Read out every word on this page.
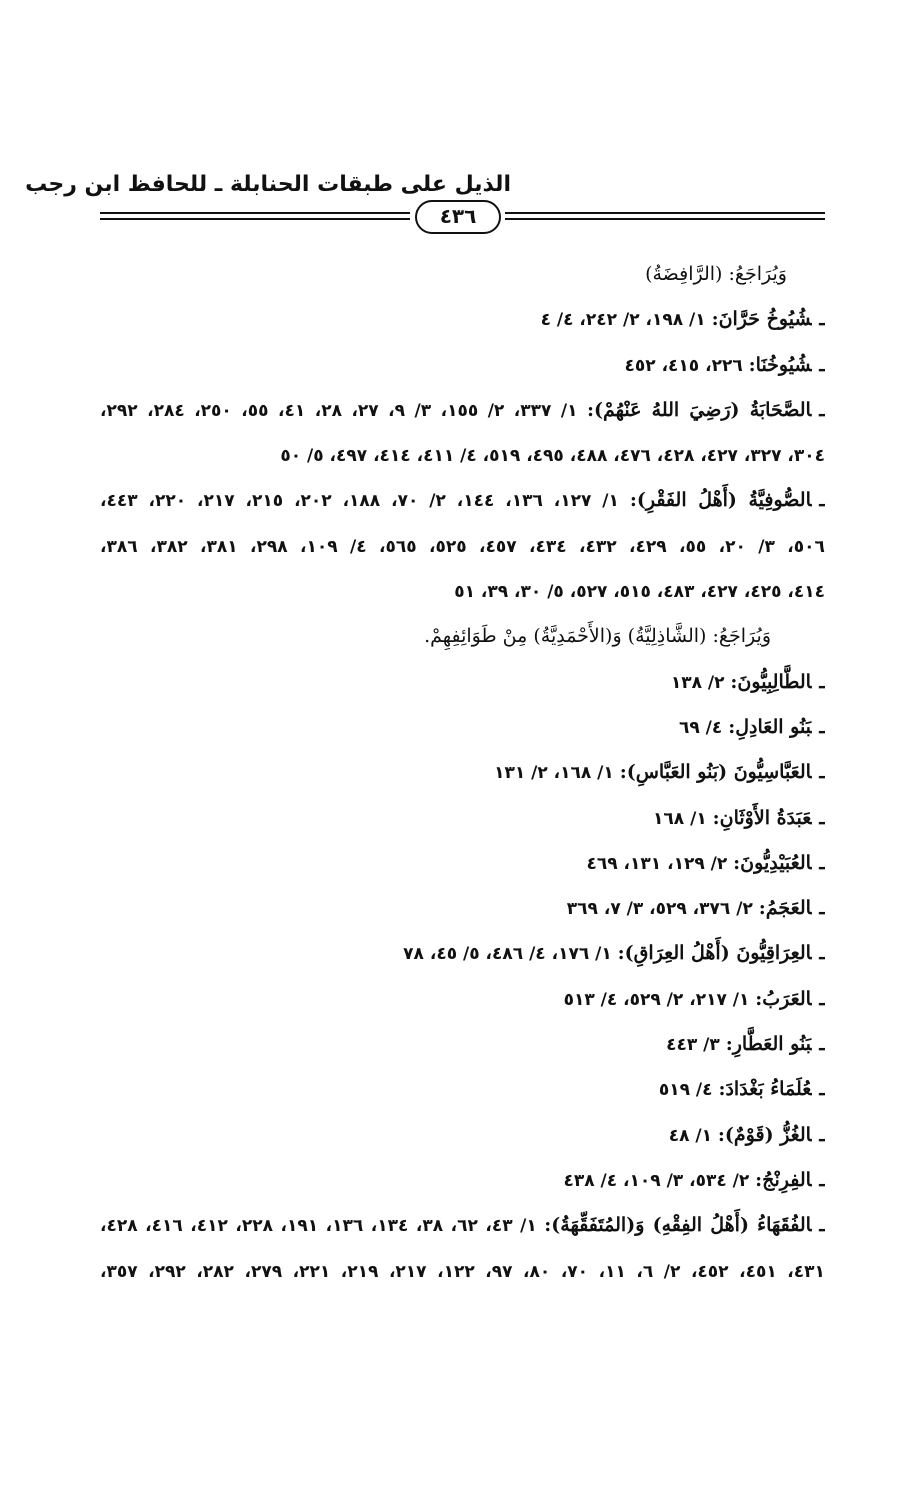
الذيل على طبقات الحنابلة ـ للحافظ ابن رجب
٤٣٦
وَيُرَاجَعُ: (الرَّافِضَةُ)
ـشُيُوخُ حَرَّانَ: ١/ ١٩٨، ٢/ ٢٤٢، ٤/ ٤
ـشُيُوخُنَا: ٢٢٦، ٤١٥، ٤٥٢
ـالصَّحَابَةُ (رَضِيَ اللهُ عَنْهُمْ): ١/ ٣٣٧، ٢/ ١٥٥، ٣/ ٩، ٢٧، ٢٨، ٤١، ٥٥، ٢٥٠، ٢٨٤، ٢٩٢،
٣٠٤، ٣٢٧، ٤٢٧، ٤٢٨، ٤٧٦، ٤٨٨، ٤٩٥، ٥١٩، ٤/ ٤١١، ٤١٤، ٤٩٧، ٥/ ٥٠
ـالصُّوفِيَّةُ (أَهْلُ الفَقْرِ): ١/ ١٢٧، ١٣٦، ١٤٤، ٢/ ٧٠، ١٨٨، ٢٠٢، ٢١٥، ٢١٧، ٢٢٠، ٤٤٣،
٥٠٦، ٣/ ٢٠، ٥٥، ٤٢٩، ٤٣٢، ٤٣٤، ٤٥٧، ٥٢٥، ٥٦٥، ٤/ ١٠٩، ٢٩٨، ٣٨١، ٣٨٢، ٣٨٦،
٤١٤، ٤٢٥، ٤٢٧، ٤٨٣، ٥١٥، ٥٢٧، ٥/ ٣٠، ٣٩، ٥١
وَيُرَاجَعُ: (الشَّاذِلِيَّةُ) وَ(الأَحْمَدِيَّةُ) مِنْ طَوَائِفِهِمْ.
ـالطَّالِبِيُّونَ: ٢/ ١٣٨
ـبَنُو العَادِلِ: ٤/ ٦٩
ـالعَبَّاسِيُّونَ (بَنُو العَبَّاسِ): ١/ ١٦٨، ٢/ ١٣١
ـعَبَدَةُ الأَوْثَانِ: ١/ ١٦٨
ـالعُبَيْدِيُّونَ: ٢/ ١٢٩، ١٣١، ٤٦٩
ـالعَجَمُ: ٢/ ٣٧٦، ٥٢٩، ٣/ ٧، ٣٦٩
ـالعِرَاقِيُّونَ (أَهْلُ العِرَاقِ): ١/ ١٧٦، ٤/ ٤٨٦، ٥/ ٤٥، ٧٨
ـالعَرَبُ: ١/ ٢١٧، ٢/ ٥٢٩، ٤/ ٥١٣
ـبَنُو العَطَّارِ: ٣/ ٤٤٣
ـعُلَمَاءُ بَغْدَادَ: ٤/ ٥١٩
ـالغُزُّ (قَوْمٌ): ١/ ٤٨
ـالفِرِنْجُ: ٢/ ٥٣٤، ٣/ ١٠٩، ٤/ ٤٣٨
ـالفُقَهَاءُ (أَهْلُ الفِقْهِ) وَ(المُتَفَقِّهَةُ): ١/ ٤٣، ٦٢، ٣٨، ١٣٤، ١٣٦، ١٩١، ٢٢٨، ٤١٢، ٤١٦، ٤٢٨،
٤٣١، ٤٥١، ٤٥٢، ٢/ ٦، ١١، ٧٠، ٨٠، ٩٧، ١٢٢، ٢١٧، ٢١٩، ٢٢١، ٢٧٩، ٢٨٢، ٢٩٢، ٣٥٧،
